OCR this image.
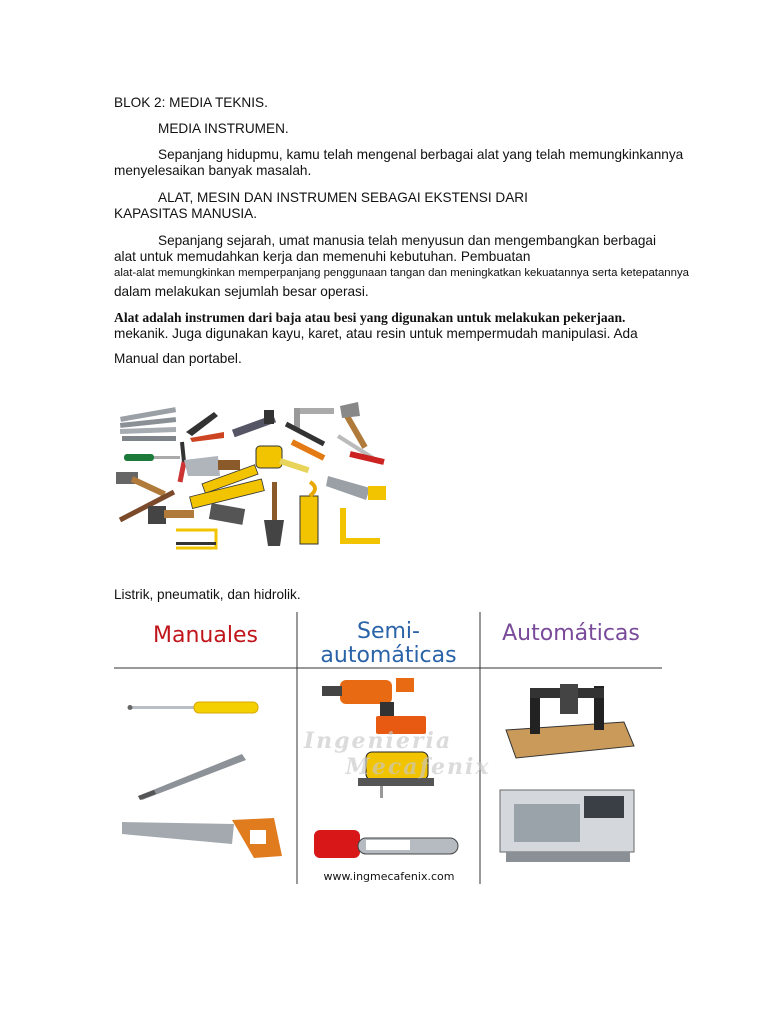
BLOK 2: MEDIA TEKNIS.
MEDIA INSTRUMEN.
Sepanjang hidupmu, kamu telah mengenal berbagai alat yang telah memungkinkannya
menyelesaikan banyak masalah.
ALAT, MESIN DAN INSTRUMEN SEBAGAI EKSTENSI DARI
KAPASITAS MANUSIA.
Sepanjang sejarah, umat manusia telah menyusun dan mengembangkan berbagai
alat untuk memudahkan kerja dan memenuhi kebutuhan. Pembuatan
alat-alat memungkinkan memperpanjang penggunaan tangan dan meningkatkan kekuatannya serta ketepatannya
dalam melakukan sejumlah besar operasi.
Alat adalah instrumen dari baja atau besi yang digunakan untuk melakukan pekerjaan.
mekanik. Juga digunakan kayu, karet, atau resin untuk mempermudah manipulasi. Ada
Manual dan portabel.
Listrik, pneumatik, dan hidrolik.
Manuales	Semi-
automáticas
Automáticas
Ingenieria
Mecafenix
www.ingmecafenix.com
